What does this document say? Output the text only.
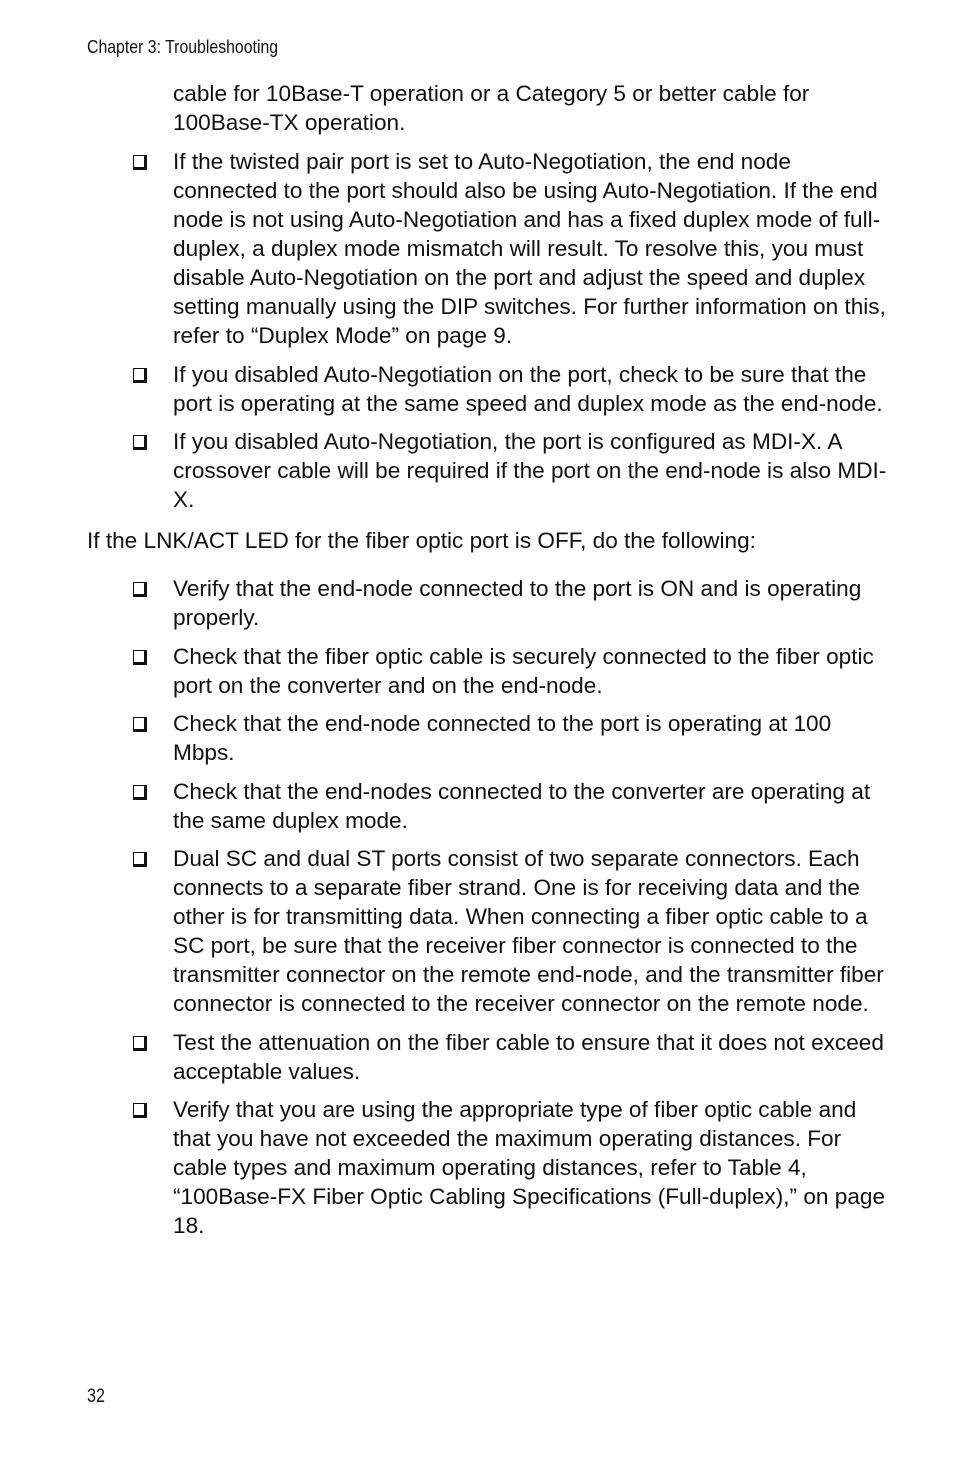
Chapter 3: Troubleshooting

cable for 10Base-T operation or a Category 5 or better cable for 100Base-TX operation.

If the twisted pair port is set to Auto-Negotiation, the end node connected to the port should also be using Auto-Negotiation. If the end node is not using Auto-Negotiation and has a fixed duplex mode of full-duplex, a duplex mode mismatch will result. To resolve this, you must disable Auto-Negotiation on the port and adjust the speed and duplex setting manually using the DIP switches. For further information on this, refer to “Duplex Mode” on page 9.
If you disabled Auto-Negotiation on the port, check to be sure that the port is operating at the same speed and duplex mode as the end-node.
If you disabled Auto-Negotiation, the port is configured as MDI-X. A crossover cable will be required if the port on the end-node is also MDI-X.

If the LNK/ACT LED for the fiber optic port is OFF, do the following:

Verify that the end-node connected to the port is ON and is operating properly.
Check that the fiber optic cable is securely connected to the fiber optic port on the converter and on the end-node.
Check that the end-node connected to the port is operating at 100 Mbps.
Check that the end-nodes connected to the converter are operating at the same duplex mode.
Dual SC and dual ST ports consist of two separate connectors. Each connects to a separate fiber strand. One is for receiving data and the other is for transmitting data. When connecting a fiber optic cable to a SC port, be sure that the receiver fiber connector is connected to the transmitter connector on the remote end-node, and the transmitter fiber connector is connected to the receiver connector on the remote node.
Test the attenuation on the fiber cable to ensure that it does not exceed acceptable values.
Verify that you are using the appropriate type of fiber optic cable and that you have not exceeded the maximum operating distances. For cable types and maximum operating distances, refer to Table 4, “100Base-FX Fiber Optic Cabling Specifications (Full-duplex),” on page 18.
32
